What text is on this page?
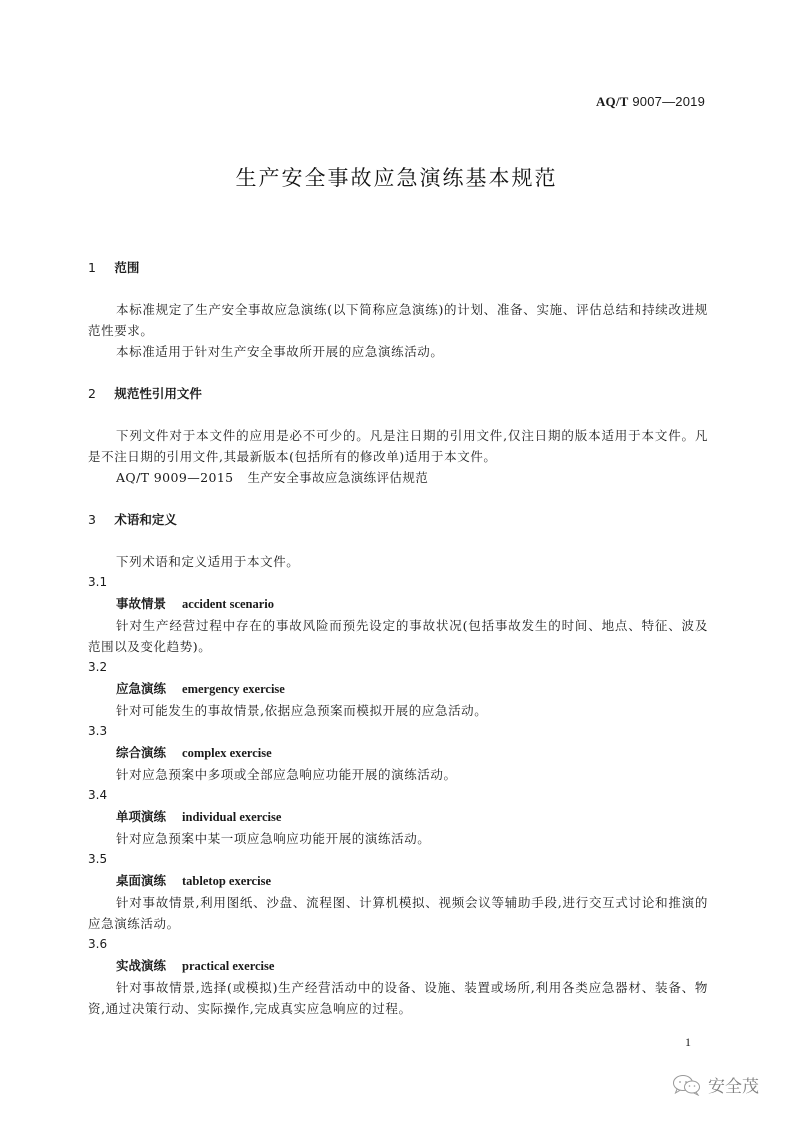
AQ/T 9007—2019
生产安全事故应急演练基本规范
1 范围

本标准规定了生产安全事故应急演练(以下简称应急演练)的计划、准备、实施、评估总结和持续改进规范性要求。

本标准适用于针对生产安全事故所开展的应急演练活动。

2 规范性引用文件

下列文件对于本文件的应用是必不可少的。凡是注日期的引用文件,仅注日期的版本适用于本文件。凡是不注日期的引用文件,其最新版本(包括所有的修改单)适用于本文件。

AQ/T 9009—2015 生产安全事故应急演练评估规范

3 术语和定义

下列术语和定义适用于本文件。

3.1

事故情景 accident scenario

针对生产经营过程中存在的事故风险而预先设定的事故状况(包括事故发生的时间、地点、特征、波及范围以及变化趋势)。

3.2

应急演练 emergency exercise

针对可能发生的事故情景,依据应急预案而模拟开展的应急活动。

3.3

综合演练 complex exercise

针对应急预案中多项或全部应急响应功能开展的演练活动。

3.4

单项演练 individual exercise

针对应急预案中某一项应急响应功能开展的演练活动。

3.5

桌面演练 tabletop exercise

针对事故情景,利用图纸、沙盘、流程图、计算机模拟、视频会议等辅助手段,进行交互式讨论和推演的应急演练活动。

3.6

实战演练 practical exercise

针对事故情景,选择(或模拟)生产经营活动中的设备、设施、装置或场所,利用各类应急器材、装备、物资,通过决策行动、实际操作,完成真实应急响应的过程。

1
安全茂
